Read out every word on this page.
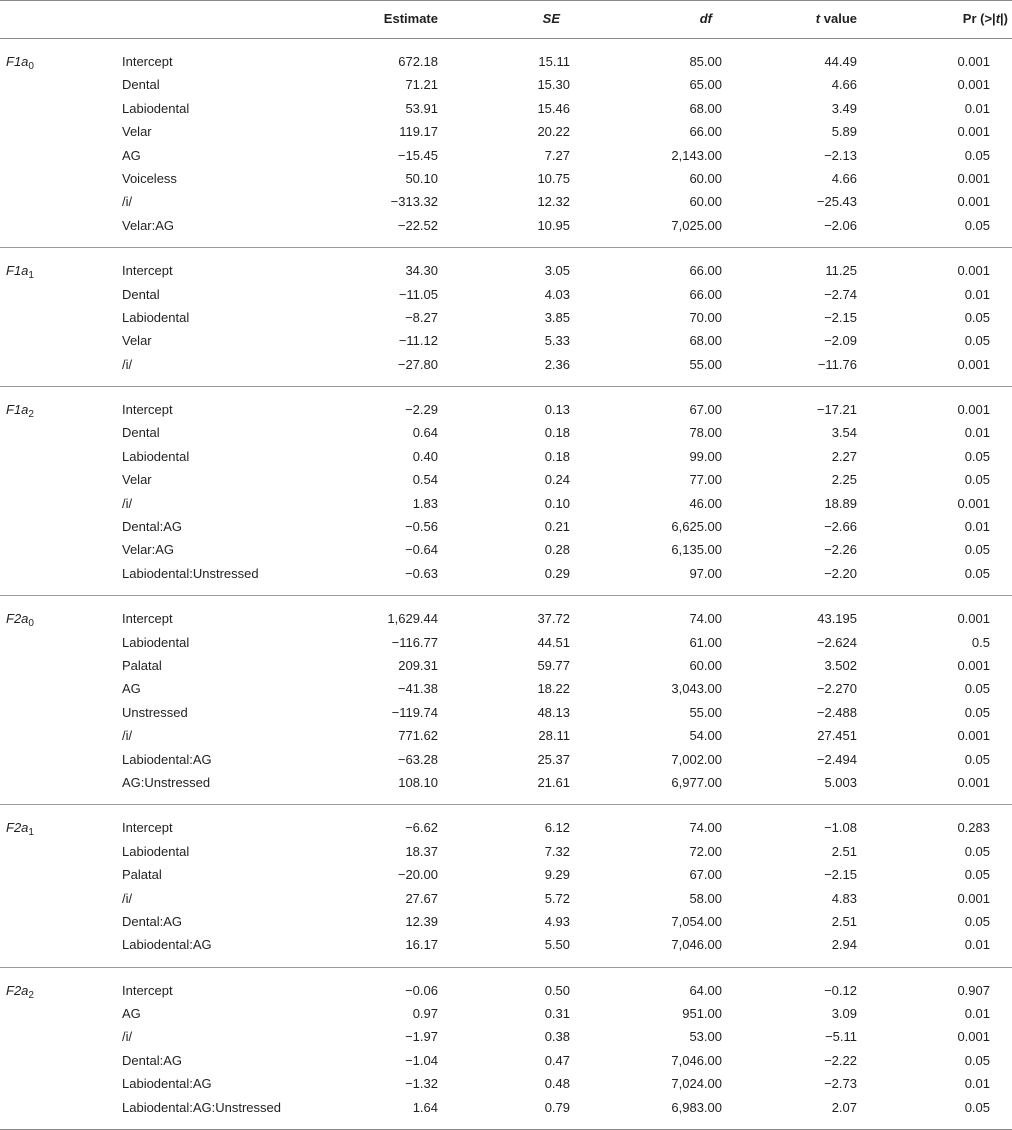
Estimate	SE	df	t value	Pr (>|t|)
$F1a_0$	Intercept	672.18	15.11	85.00	44.49	0.001
Dental	71.21	15.30	65.00	4.66	0.001
Labiodental	53.91	15.46	68.00	3.49	0.01
Velar	119.17	20.22	66.00	5.89	0.001
AG	−15.45	7.27	2,143.00	−2.13	0.05
Voiceless	50.10	10.75	60.00	4.66	0.001
/i/	−313.32	12.32	60.00	−25.43	0.001
Velar:AG	−22.52	10.95	7,025.00	−2.06	0.05
$F1a_1$	Intercept	34.30	3.05	66.00	11.25	0.001
Dental	−11.05	4.03	66.00	−2.74	0.01
Labiodental	−8.27	3.85	70.00	−2.15	0.05
Velar	−11.12	5.33	68.00	−2.09	0.05
/i/	−27.80	2.36	55.00	−11.76	0.001
$F1a_2$	Intercept	−2.29	0.13	67.00	−17.21	0.001
Dental	0.64	0.18	78.00	3.54	0.01
Labiodental	0.40	0.18	99.00	2.27	0.05
Velar	0.54	0.24	77.00	2.25	0.05
/i/	1.83	0.10	46.00	18.89	0.001
Dental:AG	−0.56	0.21	6,625.00	−2.66	0.01
Velar:AG	−0.64	0.28	6,135.00	−2.26	0.05
Labiodental:Unstressed	−0.63	0.29	97.00	−2.20	0.05
$F2a_0$	Intercept	1,629.44	37.72	74.00	43.195	0.001
Labiodental	−116.77	44.51	61.00	−2.624	0.5
Palatal	209.31	59.77	60.00	3.502	0.001
AG	−41.38	18.22	3,043.00	−2.270	0.05
Unstressed	−119.74	48.13	55.00	−2.488	0.05
/i/	771.62	28.11	54.00	27.451	0.001
Labiodental:AG	−63.28	25.37	7,002.00	−2.494	0.05
AG:Unstressed	108.10	21.61	6,977.00	5.003	0.001
$F2a_1$	Intercept	−6.62	6.12	74.00	−1.08	0.283
Labiodental	18.37	7.32	72.00	2.51	0.05
Palatal	−20.00	9.29	67.00	−2.15	0.05
/i/	27.67	5.72	58.00	4.83	0.001
Dental:AG	12.39	4.93	7,054.00	2.51	0.05
Labiodental:AG	16.17	5.50	7,046.00	2.94	0.01
$F2a_2$	Intercept	−0.06	0.50	64.00	−0.12	0.907
AG	0.97	0.31	951.00	3.09	0.01
/i/	−1.97	0.38	53.00	−5.11	0.001
Dental:AG	−1.04	0.47	7,046.00	−2.22	0.05
Labiodental:AG	−1.32	0.48	7,024.00	−2.73	0.01
Labiodental:AG:Unstressed	1.64	0.79	6,983.00	2.07	0.05
